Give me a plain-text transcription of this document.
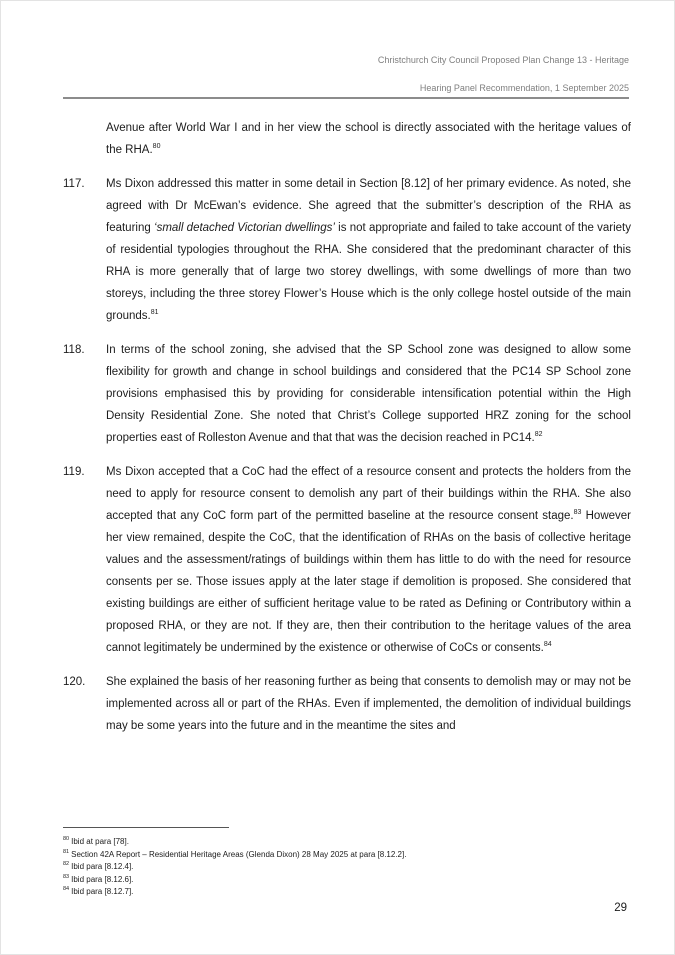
Christchurch City Council Proposed Plan Change 13 - Heritage
Hearing Panel Recommendation, 1 September 2025
Avenue after World War I and in her view the school is directly associated with the heritage values of the RHA.$^{80}$
117.	Ms Dixon addressed this matter in some detail in Section [8.12] of her primary evidence. As noted, she agreed with Dr McEwan’s evidence. She agreed that the submitter’s description of the RHA as featuring ‘small detached Victorian dwellings’ is not appropriate and failed to take account of the variety of residential typologies throughout the RHA. She considered that the predominant character of this RHA is more generally that of large two storey dwellings, with some dwellings of more than two storeys, including the three storey Flower’s House which is the only college hostel outside of the main grounds.$^{81}$
118.	In terms of the school zoning, she advised that the SP School zone was designed to allow some flexibility for growth and change in school buildings and considered that the PC14 SP School zone provisions emphasised this by providing for considerable intensification potential within the High Density Residential Zone. She noted that Christ’s College supported HRZ zoning for the school properties east of Rolleston Avenue and that that was the decision reached in PC14.82
119.	Ms Dixon accepted that a CoC had the effect of a resource consent and protects the holders from the need to apply for resource consent to demolish any part of their buildings within the RHA. She also accepted that any CoC form part of the permitted baseline at the resource consent stage.$^{83}$ However her view remained, despite the CoC, that the identification of RHAs on the basis of collective heritage values and the assessment/ratings of buildings within them has little to do with the need for resource consents per se. Those issues apply at the later stage if demolition is proposed. She considered that existing buildings are either of sufficient heritage value to be rated as Defining or Contributory within a proposed RHA, or they are not. If they are, then their contribution to the heritage values of the area cannot legitimately be undermined by the existence or otherwise of CoCs or consents.$^{84}$
120.	She explained the basis of her reasoning further as being that consents to demolish may or may not be implemented across all or part of the RHAs. Even if implemented, the demolition of individual buildings may be some years into the future and in the meantime the sites and
$^{80}$ Ibid at para [78].
$^{81}$ Section 42A Report – Residential Heritage Areas (Glenda Dixon) 28 May 2025 at para [8.12.2].
$^{82}$ Ibid para [8.12.4].
$^{83}$ Ibid para [8.12.6].
$^{84}$ Ibid para [8.12.7].
29
